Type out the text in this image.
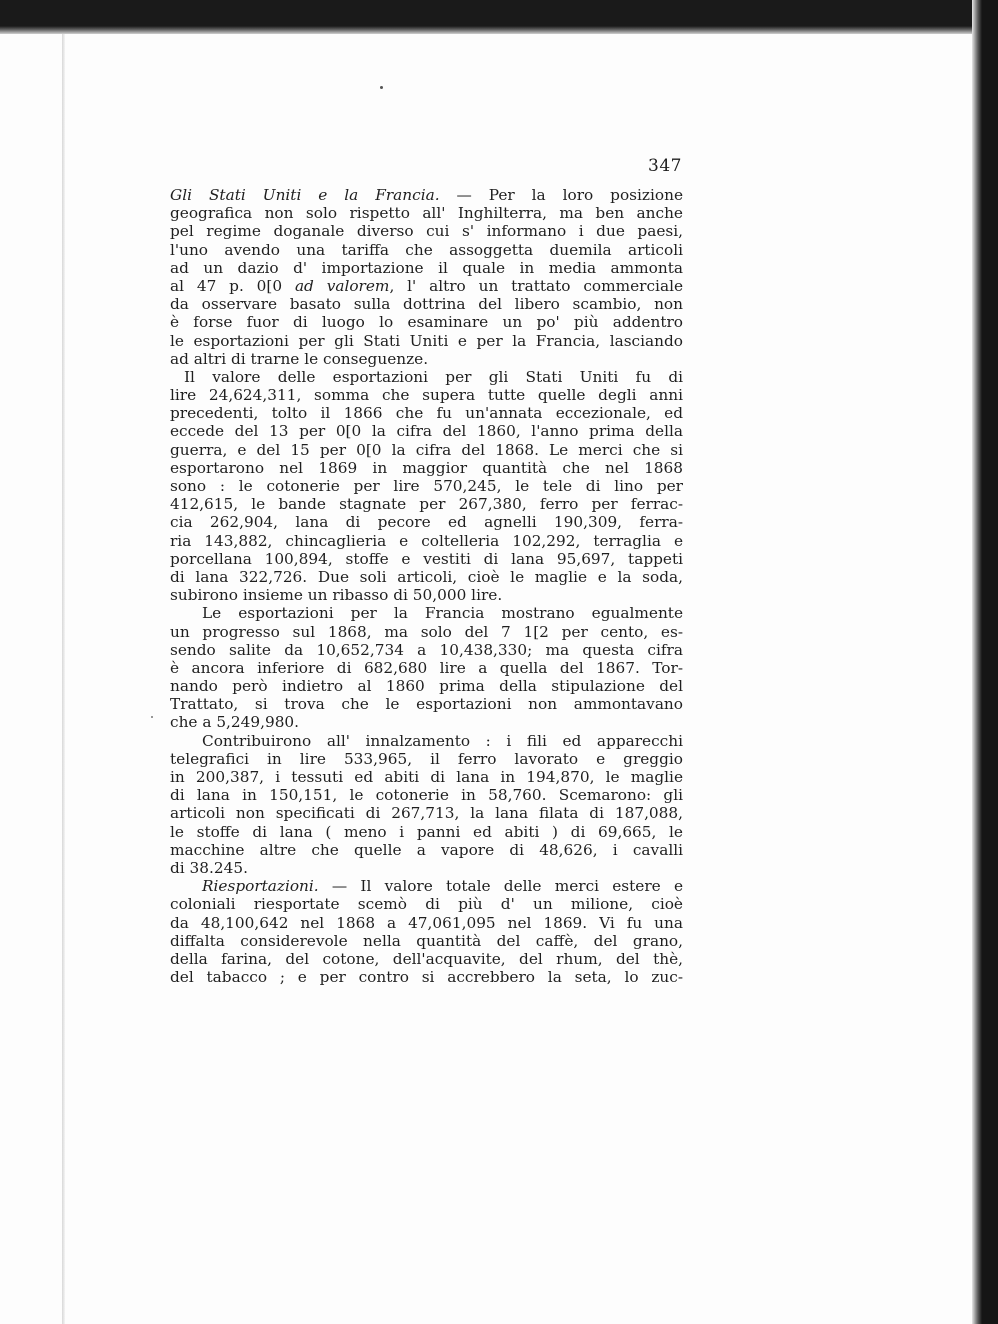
347
Gli Stati Uniti e la Francia. — Per la loro posizione
geografica non solo rispetto all' Inghilterra, ma ben anche
pel regime doganale diverso cui s' informano i due paesi,
l'uno avendo una tariffa che assoggetta duemila articoli
ad un dazio d' importazione il quale in media ammonta
al 47 p. 0[0 ad valorem, l' altro un trattato commerciale
da osservare basato sulla dottrina del libero scambio, non
è forse fuor di luogo lo esaminare un po' più addentro
le esportazioni per gli Stati Uniti e per la Francia, lasciando
ad altri di trarne le conseguenze.
Il valore delle esportazioni per gli Stati Uniti fu di
lire 24,624,311, somma che supera tutte quelle degli anni
precedenti, tolto il 1866 che fu un'annata eccezionale, ed
eccede del 13 per 0[0 la cifra del 1860, l'anno prima della
guerra, e del 15 per 0[0 la cifra del 1868. Le merci che si
esportarono nel 1869 in maggior quantità che nel 1868
sono : le cotonerie per lire 570,245, le tele di lino per
412,615, le bande stagnate per 267,380, ferro per ferrac-
cia 262,904, lana di pecore ed agnelli 190,309, ferra-
ria 143,882, chincaglieria e coltelleria 102,292, terraglia e
porcellana 100,894, stoffe e vestiti di lana 95,697, tappeti
di lana 322,726. Due soli articoli, cioè le maglie e la soda,
subirono insieme un ribasso di 50,000 lire.
Le esportazioni per la Francia mostrano egualmente
un progresso sul 1868, ma solo del 7 1[2 per cento, es-
sendo salite da 10,652,734 a 10,438,330; ma questa cifra
è ancora inferiore di 682,680 lire a quella del 1867. Tor-
nando però indietro al 1860 prima della stipulazione del
Trattato, si trova che le esportazioni non ammontavano
che a 5,249,980.
Contribuirono all' innalzamento : i fili ed apparecchi
telegrafici in lire 533,965, il ferro lavorato e greggio
in 200,387, i tessuti ed abiti di lana in 194,870, le maglie
di lana in 150,151, le cotonerie in 58,760. Scemarono: gli
articoli non specificati di 267,713, la lana filata di 187,088,
le stoffe di lana ( meno i panni ed abiti ) di 69,665, le
macchine altre che quelle a vapore di 48,626, i cavalli
di 38.245.
Riesportazioni. — Il valore totale delle merci estere e
coloniali riesportate scemò di più d' un milione, cioè
da 48,100,642 nel 1868 a 47,061,095 nel 1869. Vi fu una
diffalta considerevole nella quantità del caffè, del grano,
della farina, del cotone, dell'acquavite, del rhum, del thè,
del tabacco ; e per contro si accrebbero la seta, lo zuc-
